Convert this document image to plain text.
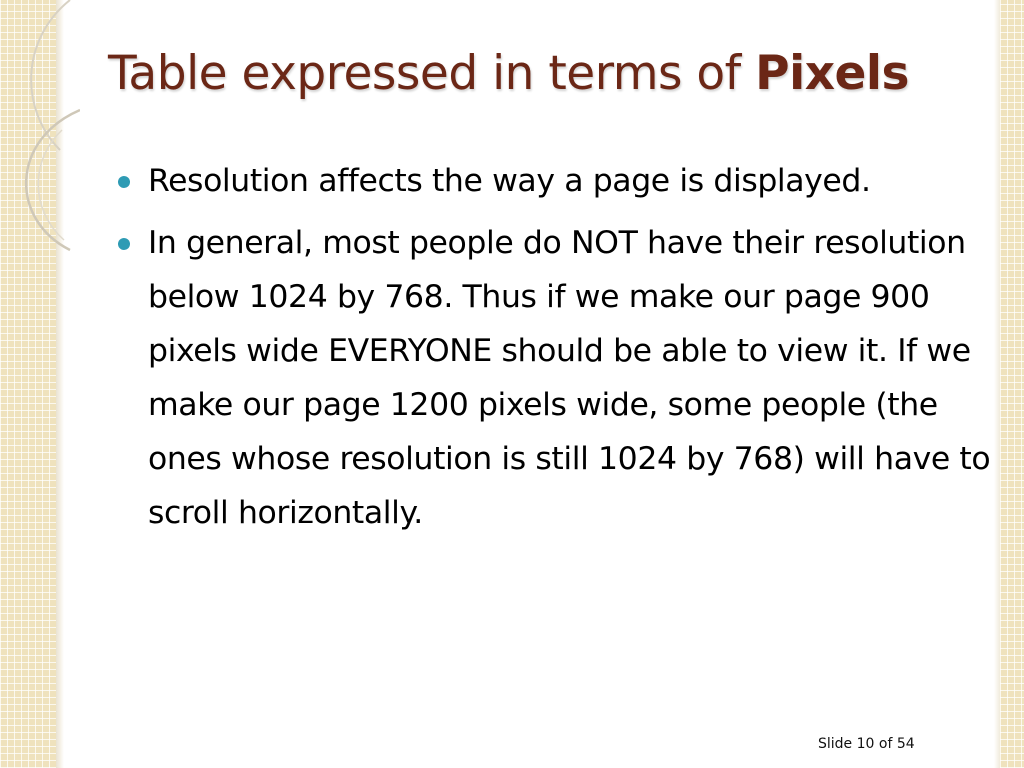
Table expressed in terms of Pixels
Resolution affects the way a page is displayed.
In general, most people do NOT have their resolution below 1024 by 768. Thus if we make our page 900 pixels wide EVERYONE should be able to view it. If we make our page 1200 pixels wide, some people (the ones whose resolution is still 1024 by 768) will have to scroll horizontally.
Slide 10 of 54
